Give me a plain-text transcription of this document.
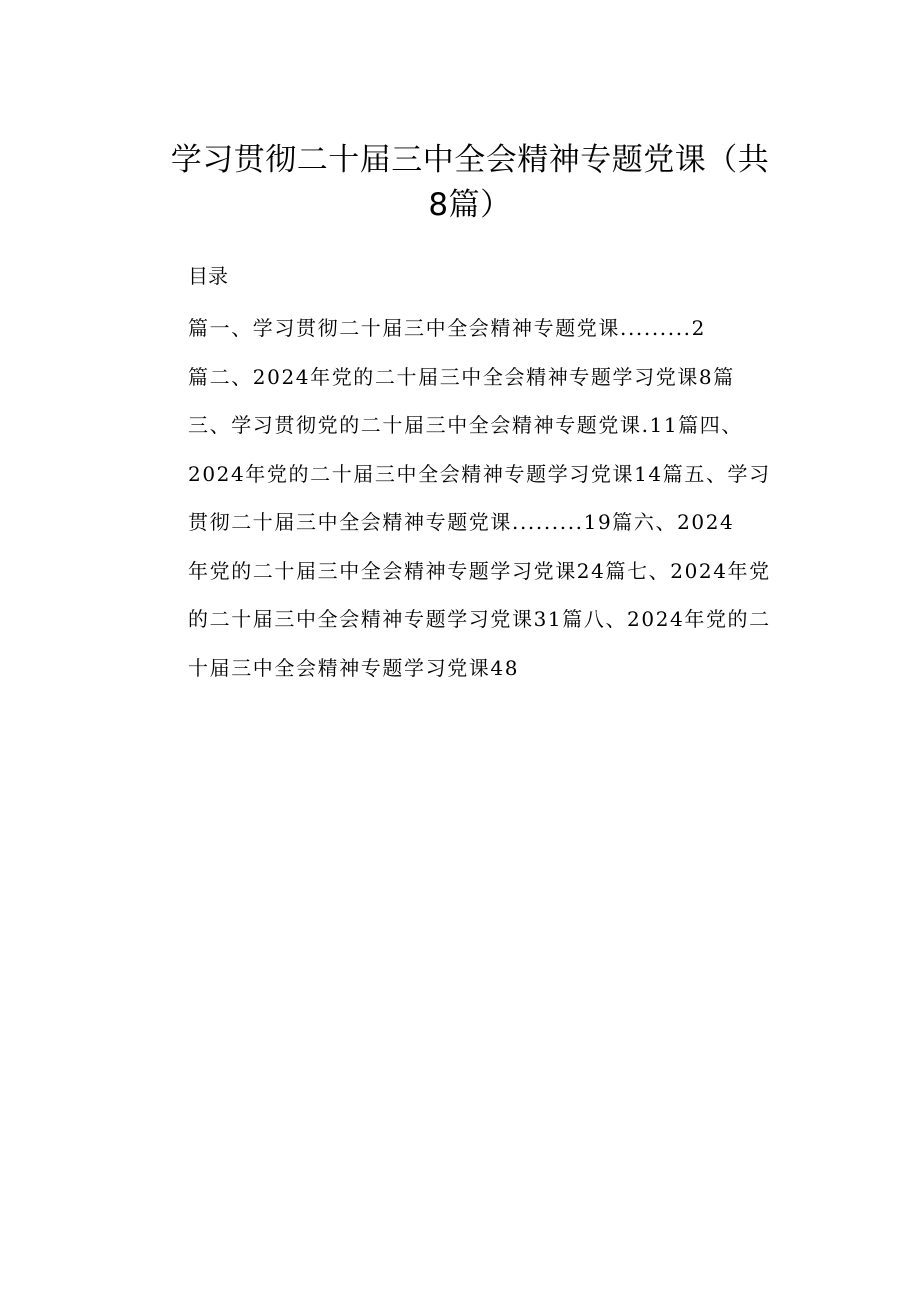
学习贯彻二十届三中全会精神专题党课（共
8篇）
目录
篇一、学习贯彻二十届三中全会精神专题党课.........2
篇二、2024年党的二十届三中全会精神专题学习党课8篇
三、学习贯彻党的二十届三中全会精神专题党课.11篇四、
2024年党的二十届三中全会精神专题学习党课14篇五、学习
贯彻二十届三中全会精神专题党课.........19篇六、2024
年党的二十届三中全会精神专题学习党课24篇七、2024年党
的二十届三中全会精神专题学习党课31篇八、2024年党的二
十届三中全会精神专题学习党课48
